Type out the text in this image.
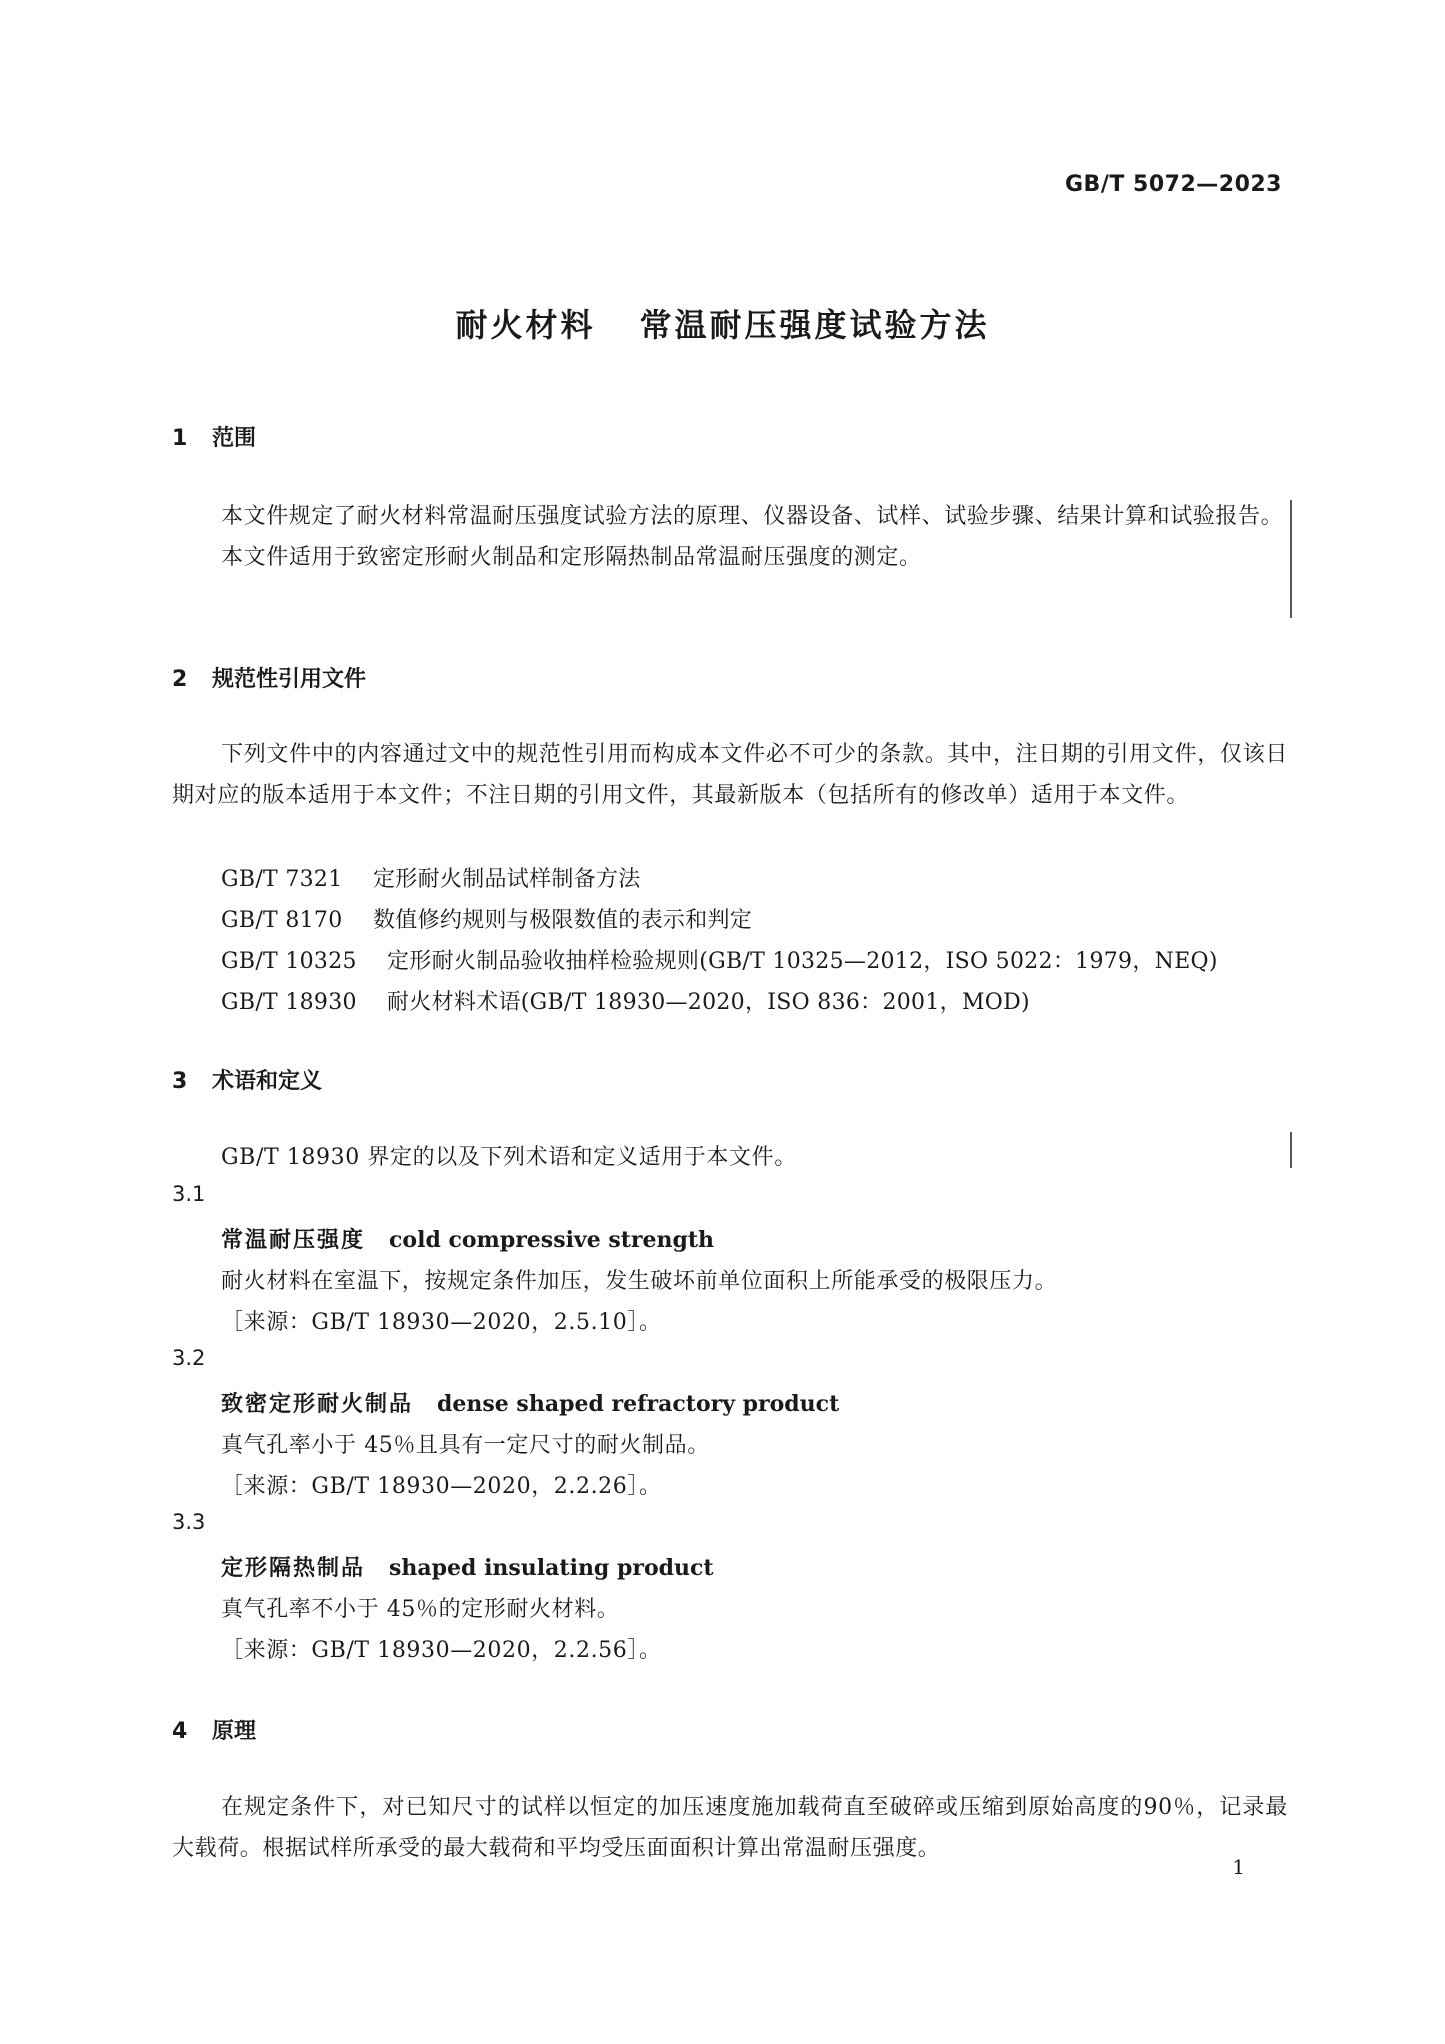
GB/T 5072—2023
耐火材料 常温耐压强度试验方法
1 范围

本文件规定了耐火材料常温耐压强度试验方法的原理、仪器设备、试样、试验步骤、结果计算和试验报告。

本文件适用于致密定形耐火制品和定形隔热制品常温耐压强度的测定。

2 规范性引用文件

下列文件中的内容通过文中的规范性引用而构成本文件必不可少的条款。其中，注日期的引用文件，仅该日期对应的版本适用于本文件；不注日期的引用文件，其最新版本（包括所有的修改单）适用于本文件。

GB/T 7321 定形耐火制品试样制备方法
GB/T 8170 数值修约规则与极限数值的表示和判定
GB/T 10325 定形耐火制品验收抽样检验规则(GB/T 10325—2012，ISO 5022：1979，NEQ)
GB/T 18930 耐火材料术语(GB/T 18930—2020，ISO 836：2001，MOD)
3 术语和定义
GB/T 18930 界定的以及下列术语和定义适用于本文件。
3.1
常温耐压强度 cold compressive strength
耐火材料在室温下，按规定条件加压，发生破坏前单位面积上所能承受的极限压力。
［来源：GB/T 18930—2020，2.5.10］。
3.2
致密定形耐火制品 dense shaped refractory product
真气孔率小于 45％且具有一定尺寸的耐火制品。
［来源：GB/T 18930—2020，2.2.26］。
3.3
定形隔热制品 shaped insulating product
真气孔率不小于 45％的定形耐火材料。
［来源：GB/T 18930—2020，2.2.56］。
4 原理

在规定条件下，对已知尺寸的试样以恒定的加压速度施加载荷直至破碎或压缩到原始高度的90％，记录最大载荷。根据试样所承受的最大载荷和平均受压面面积计算出常温耐压强度。

1
